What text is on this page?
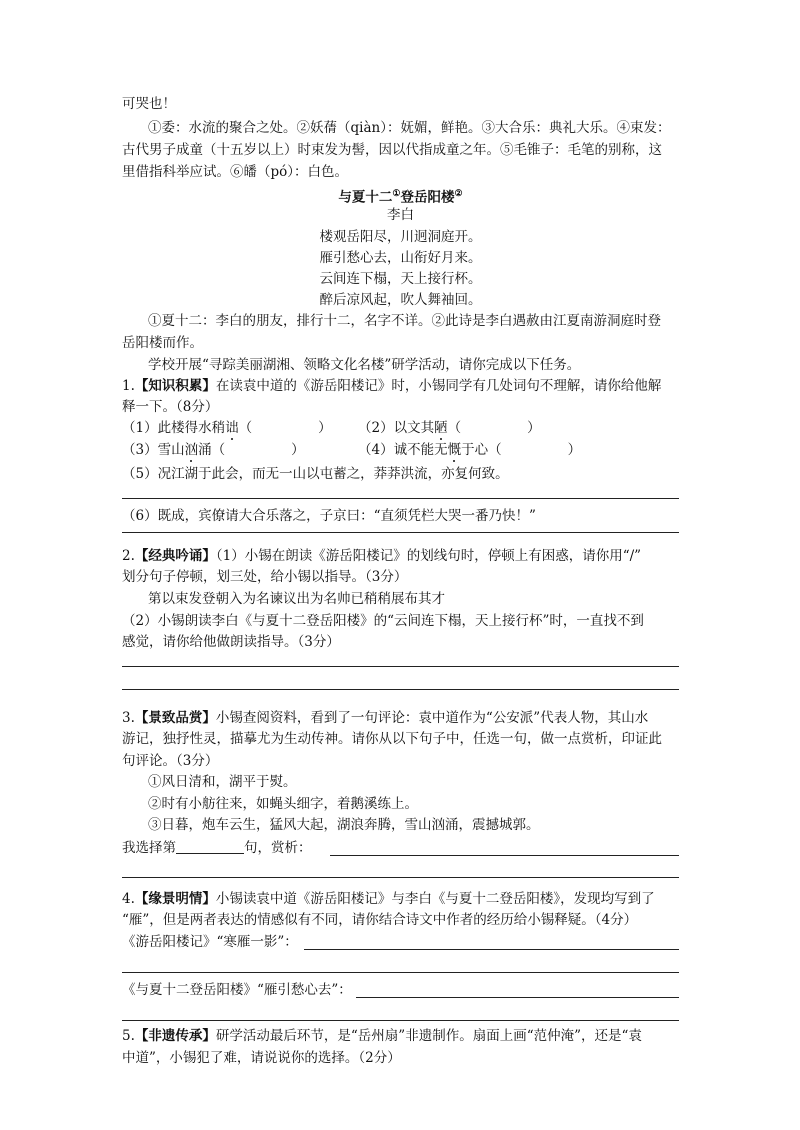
可哭也！
①委：水流的聚合之处。②妖蒨（qiàn）：妩媚，鲜艳。③大合乐：典礼大乐。④束发：
古代男子成童（十五岁以上）时束发为髻，因以代指成童之年。⑤毛锥子：毛笔的别称，这
里借指科举应试。⑥皤（pó）：白色。
与夏十二①登岳阳楼②
李白
楼观岳阳尽，川迥洞庭开。
雁引愁心去，山衔好月来。
云间连下榻，天上接行杯。
醉后凉风起，吹人舞袖回。
①夏十二：李白的朋友，排行十二，名字不详。②此诗是李白遇赦由江夏南游洞庭时登
岳阳楼而作。
学校开展“寻踪美丽湖湘、领略文化名楼”研学活动，请你完成以下任务。
1.【知识积累】在读袁中道的《游岳阳楼记》时，小锡同学有几处词句不理解，请你给他解
释一下。（8分）
（1）此楼得水稍诎（	） （2）以文其陋（	）
（3）雪山汹涌（	）	（4）诚不能无慨于心（	）
（5）况江湖于此会，而无一山以屯蓄之，莽莽洪流，亦复何致。
（6）既成，宾僚请大合乐落之，子京曰：“直须凭栏大哭一番乃快！”
2.【经典吟诵】（1）小锡在朗读《游岳阳楼记》的划线句时，停顿上有困惑，请你用“/”
划分句子停顿，划三处，给小锡以指导。（3分）
第以束发登朝入为名谏议出为名帅已稍稍展布其才
（2）小锡朗读李白《与夏十二登岳阳楼》的“云间连下榻，天上接行杯”时，一直找不到
感觉，请你给他做朗读指导。（3分）
3.【景致品赏】小锡查阅资料，看到了一句评论：袁中道作为“公安派”代表人物，其山水
游记，独抒性灵，描摹尤为生动传神。请你从以下句子中，任选一句，做一点赏析，印证此
句评论。（3分）
①风日清和，湖平于熨。
②时有小舫往来，如蝇头细字，着鹅溪练上。
③日暮，炮车云生，猛风大起，湖浪奔腾，雪山汹涌，震撼城郭。
我选择第	句，赏析：
4.【缘景明情】小锡读袁中道《游岳阳楼记》与李白《与夏十二登岳阳楼》，发现均写到了
“雁”，但是两者表达的情感似有不同，请你结合诗文中作者的经历给小锡释疑。（4分）
《游岳阳楼记》“寒雁一影”：
《与夏十二登岳阳楼》“雁引愁心去”：
5.【非遗传承】研学活动最后环节，是“岳州扇”非遗制作。扇面上画“范仲淹”，还是“袁
中道”，小锡犯了难，请说说你的选择。（2分）
